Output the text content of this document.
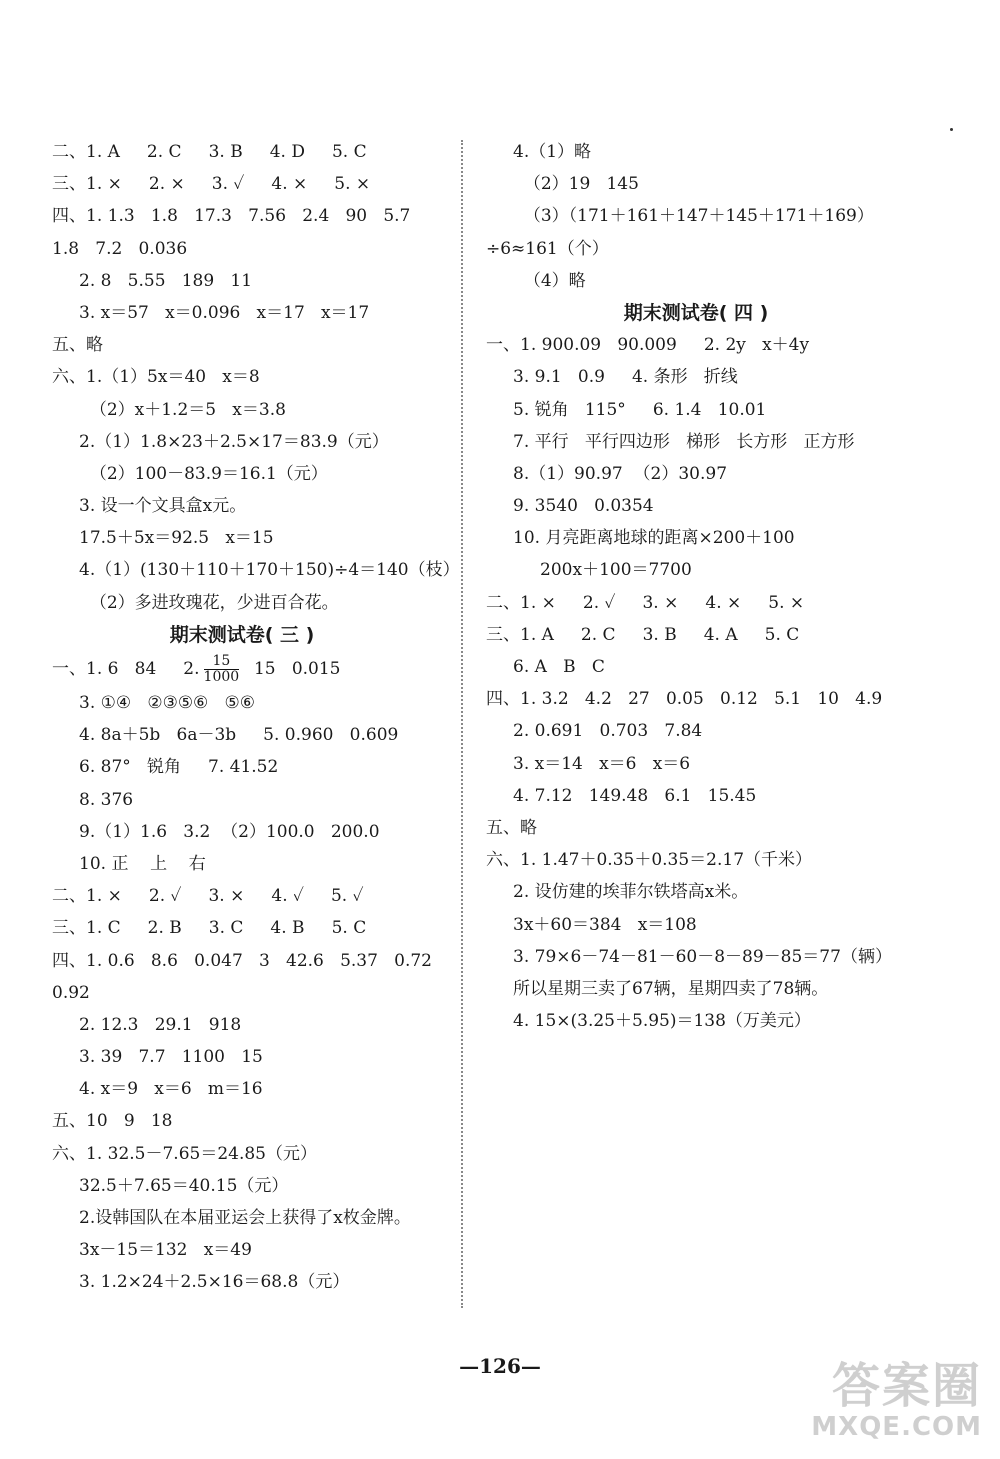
二、1. A     2. C     3. B     4. D     5. C
三、1. ×     2. ×     3. ✓     4. ×     5. ×
四、1. 1.3   1.8   17.3   7.56   2.4   90   5.7
1.8   7.2   0.036
2. 8   5.55   189   11
3. x＝57   x＝0.096   x＝17   x＝17
五、略
六、1.（1）5x＝40   x＝8
（2）x＋1.2＝5   x＝3.8
2.（1）1.8×23＋2.5×17＝83.9（元）
（2）100－83.9＝16.1（元）
3. 设一个文具盒x元。
17.5＋5x＝92.5   x＝15
4.（1）(130＋110＋170＋150)÷4＝140（枝）
（2）多进玫瑰花，少进百合花。
期末测试卷( 三 )
一、1. 6   84     2. $\frac{15}{1000} 15$   0.015
3. ①④   ②③⑤⑥   ⑤⑥
4. 8a＋5b   6a－3b     5. 0.960   0.609
6. 87°   锐角     7. 41.52
8. 376
9.（1）1.6   3.2  （2）100.0   200.0
10. 正    上    右
二、1. ×     2. ✓     3. ×     4. ✓     5. ✓
三、1. C     2. B     3. C     4. B     5. C
四、1. 0.6   8.6   0.047   3   42.6   5.37   0.72
0.92
2. 12.3   29.1   918
3. 39   7.7   1100   15
4. x＝9   x＝6   m＝16
五、10   9   18
六、1. 32.5－7.65＝24.85（元）
32.5＋7.65＝40.15（元）
2.设韩国队在本届亚运会上获得了x枚金牌。
3x－15＝132   x＝49
3. 1.2×24＋2.5×16＝68.8（元）
4.（1）略
（2）19   145
（3）（171＋161＋147＋145＋171＋169）
÷6≈161（个）
（4）略
期末测试卷( 四 )
一、1. 900.09   90.009     2. 2y   x＋4y
3. 9.1   0.9     4. 条形   折线
5. 锐角   115°     6. 1.4   10.01
7. 平行   平行四边形   梯形   长方形   正方形
8.（1）90.97  （2）30.97
9. 3540   0.0354
10. 月亮距离地球的距离×200＋100
200x＋100＝7700
二、1. ×     2. ✓     3. ×     4. ×     5. ×
三、1. A     2. C     3. B     4. A     5. C
6. A   B   C
四、1. 3.2   4.2   27   0.05   0.12   5.1   10   4.9
2. 0.691   0.703   7.84
3. x＝14   x＝6   x＝6
4. 7.12   149.48   6.1   15.45
五、略
六、1. 1.47＋0.35＋0.35＝2.17（千米）
2. 设仿建的埃菲尔铁塔高x米。
3x＋60＝384   x＝108
3. 79×6－74－81－60－8－89－85＝77（辆）
所以星期三卖了67辆，星期四卖了78辆。
4. 15×(3.25＋5.95)＝138（万美元）
—126—	答案圈
MXQE.COM
